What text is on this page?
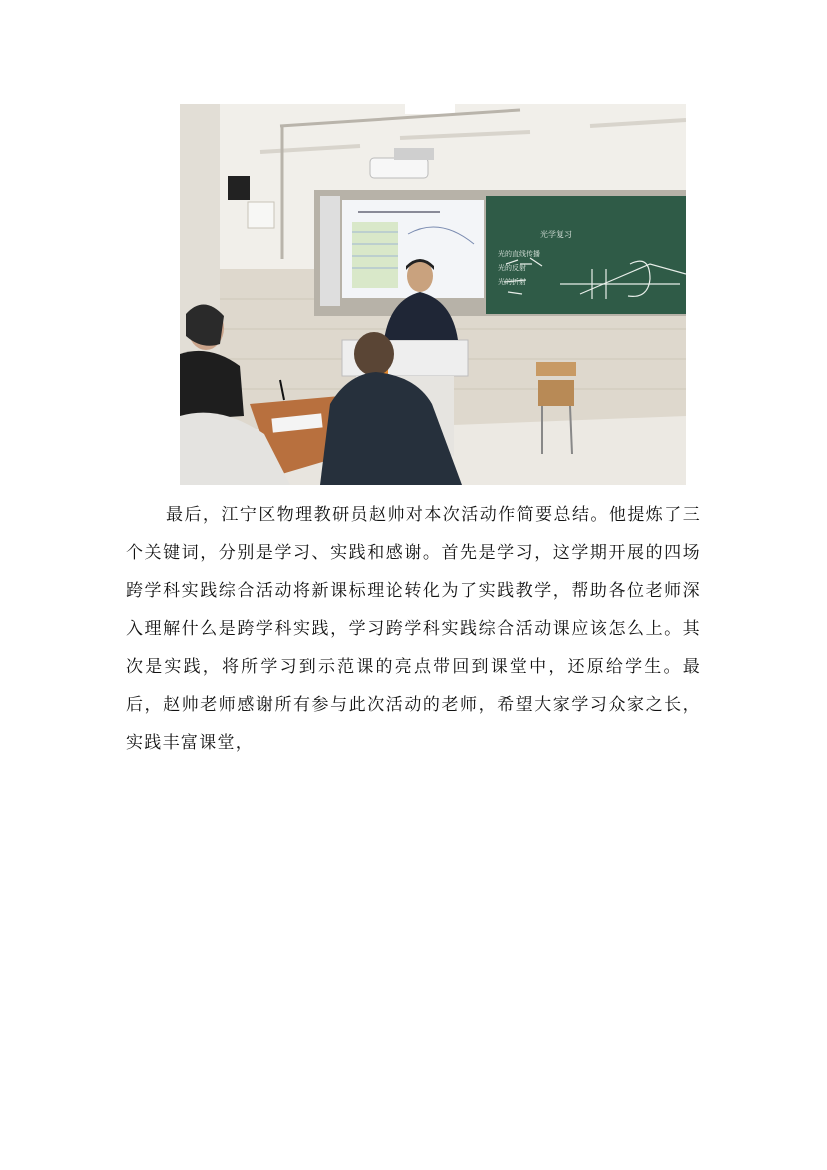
光学复习
光的直线传播
光的反射
光的折射

最后，江宁区物理教研员赵帅对本次活动作简要总结。他提炼了三个关键词，分别是学习、实践和感谢。首先是学习，这学期开展的四场跨学科实践综合活动将新课标理论转化为了实践教学，帮助各位老师深入理解什么是跨学科实践，学习跨学科实践综合活动课应该怎么上。其次是实践，将所学习到示范课的亮点带回到课堂中，还原给学生。最后，赵帅老师感谢所有参与此次活动的老师，希望大家学习众家之长，实践丰富课堂，
